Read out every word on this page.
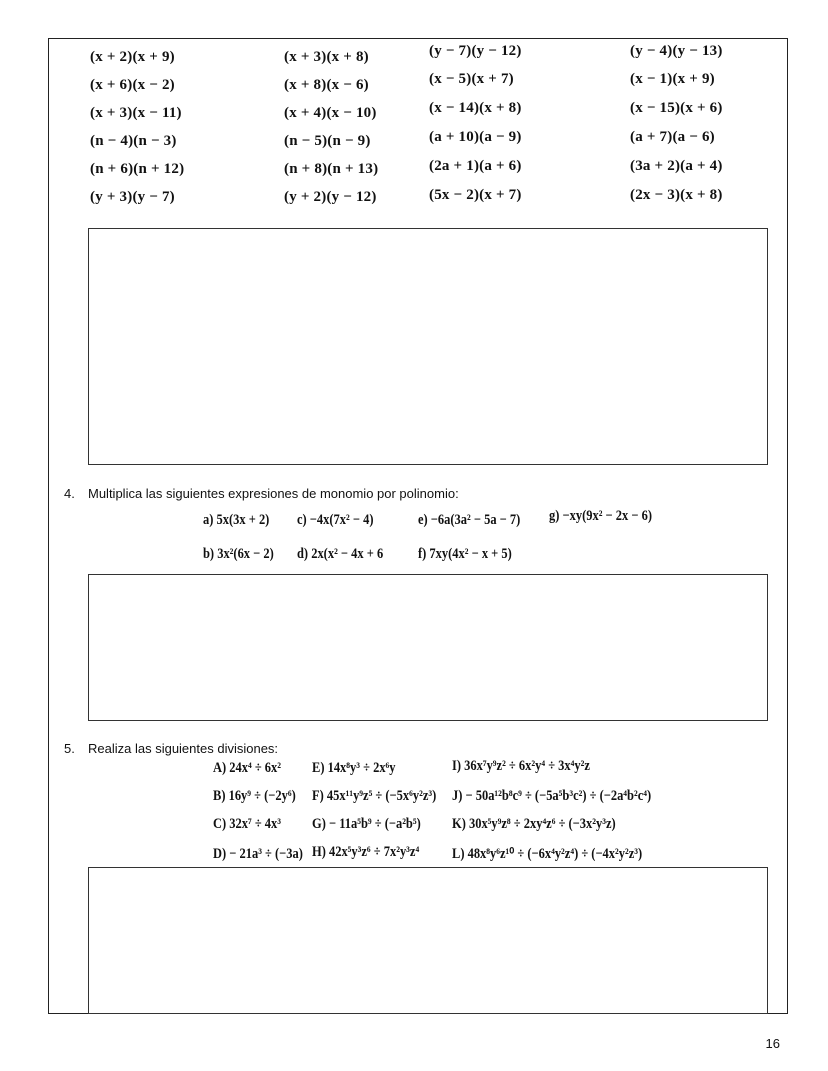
(x + 2)(x + 9)	(x + 3)(x + 8)	(y − 7)(y − 12)	(y − 4)(y − 13)
(x + 6)(x − 2)	(x + 8)(x − 6)	(x − 5)(x + 7)	(x − 1)(x + 9)
(x + 3)(x − 11)	(x + 4)(x − 10)	(x − 14)(x + 8)	(x − 15)(x + 6)
(n − 4)(n − 3)	(n − 5)(n − 9)	(a + 10)(a − 9)	(a + 7)(a − 6)
(n + 6)(n + 12)	(n + 8)(n + 13)	(2a + 1)(a + 6)	(3a + 2)(a + 4)
(y + 3)(y − 7)	(y + 2)(y − 12)	(5x − 2)(x + 7)	(2x − 3)(x + 8)
4. Multiplica las siguientes expresiones de monomio por polinomio:
a) 5x(3x + 2) c) −4x(7x² − 4)	e) −6a(3a² − 5a − 7) g) −xy(9x² − 2x − 6)
b) 3x²(6x − 2) d) 2x(x² − 4x + 6 f) 7xy(4x² − x + 5)
5. Realiza las siguientes divisiones:
A) 24x⁴ ÷ 6x² E) 14x⁸y³ ÷ 2x⁶y	I) 36x⁷y⁹z² ÷ 6x²y⁴ ÷ 3x⁴y²z
B) 16y⁹ ÷ (−2y⁶) F) 45x¹¹y⁹z⁵ ÷ (−5x⁶y²z³) J) − 50a¹²b⁸c⁹ ÷ (−5a⁵b³c²) ÷ (−2a⁴b²c⁴)
C) 32x⁷ ÷ 4x³ G) − 11a⁵b⁹ ÷ (−a²b⁵) K) 30x⁵y⁹z⁸ ÷ 2xy⁴z⁶ ÷ (−3x²y³z)
D) − 21a³ ÷ (−3a) H) 42x⁵y³z⁶ ÷ 7x²y³z⁴ L) 48x⁸y⁶z¹⁰ ÷ (−6x⁴y²z⁴) ÷ (−4x²y²z³)
16
